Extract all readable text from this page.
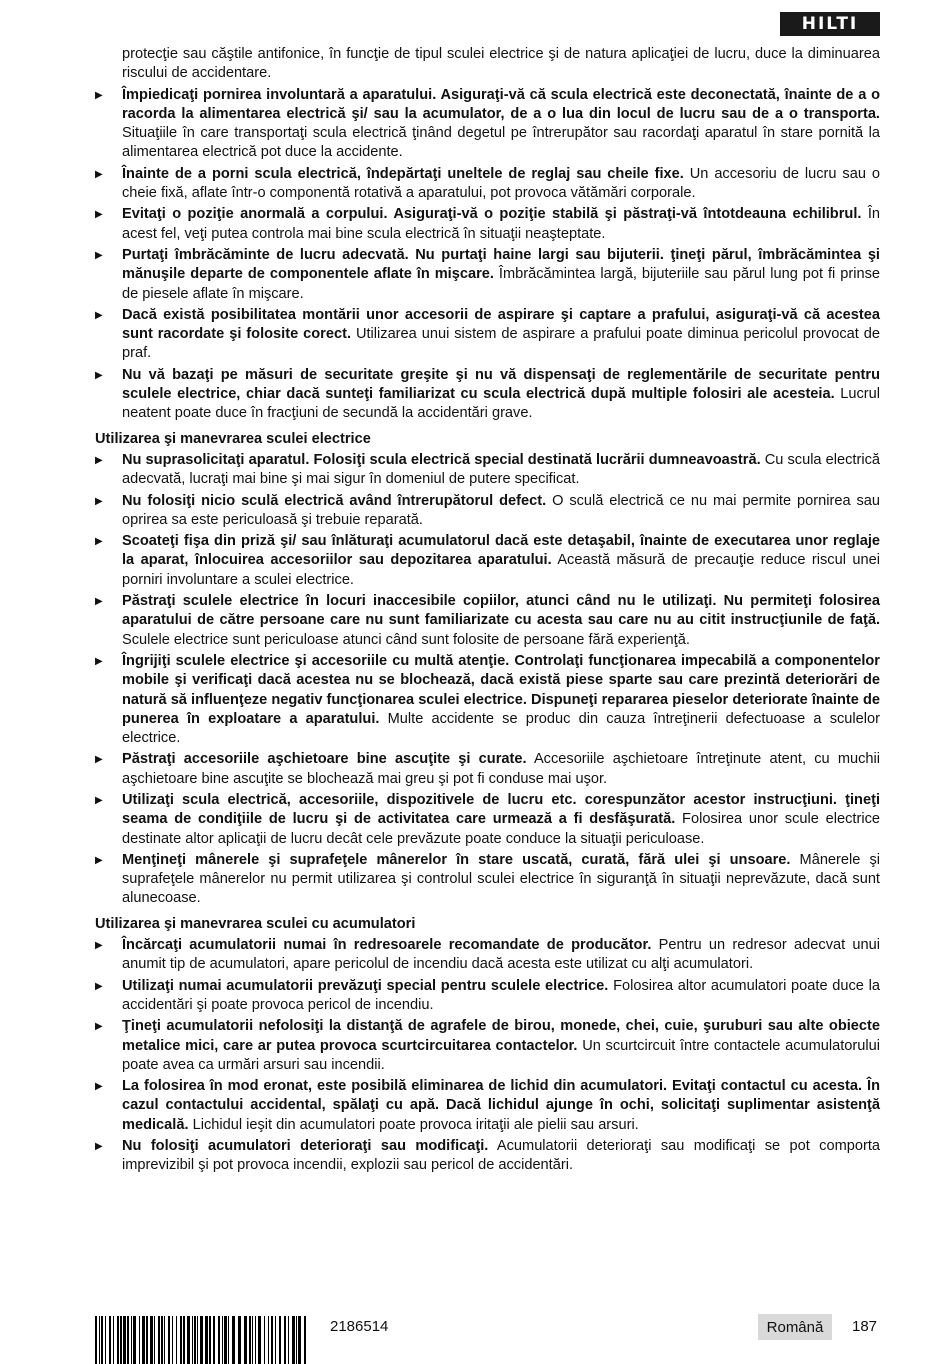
HILTI

protecţie sau căştile antifonice, în funcţie de tipul sculei electrice şi de natura aplicaţiei de lucru, duce la diminuarea riscului de accidentare.

▶ Împiedicaţi pornirea involuntară a aparatului. Asiguraţi-vă că scula electrică este deconectată, înainte de a o racorda la alimentarea electrică şi/ sau la acumulator, de a o lua din locul de lucru sau de a o transporta. Situaţiile în care transportaţi scula electrică ţinând degetul pe întrerupător sau racordaţi aparatul în stare pornită la alimentarea electrică pot duce la accidente.
▶ Înainte de a porni scula electrică, îndepărtaţi uneltele de reglaj sau cheile fixe. Un accesoriu de lucru sau o cheie fixă, aflate într-o componentă rotativă a aparatului, pot provoca vătămări corporale.
▶ Evitaţi o poziţie anormală a corpului. Asiguraţi-vă o poziţie stabilă şi păstraţi-vă întotdeauna echilibrul. În acest fel, veţi putea controla mai bine scula electrică în situaţii neaşteptate.
▶ Purtaţi îmbrăcăminte de lucru adecvată. Nu purtaţi haine largi sau bijuterii. ţineţi părul, îmbrăcămintea şi mănuşile departe de componentele aflate în mişcare. Îmbrăcămintea largă, bijuteriile sau părul lung pot fi prinse de piesele aflate în mişcare.
▶ Dacă există posibilitatea montării unor accesorii de aspirare şi captare a prafului, asiguraţi-vă că acestea sunt racordate şi folosite corect. Utilizarea unui sistem de aspirare a prafului poate diminua pericolul provocat de praf.
▶ Nu vă bazaţi pe măsuri de securitate greşite şi nu vă dispensaţi de reglementările de securitate pentru sculele electrice, chiar dacă sunteţi familiarizat cu scula electrică după multiple folosiri ale acesteia. Lucrul neatent poate duce în fracţiuni de secundă la accidentări grave.
Utilizarea şi manevrarea sculei electrice
▶ Nu suprasolicitaţi aparatul. Folosiţi scula electrică special destinată lucrării dumneavoastră. Cu scula electrică adecvată, lucraţi mai bine şi mai sigur în domeniul de putere specificat.
▶ Nu folosiţi nicio sculă electrică având întrerupătorul defect. O sculă electrică ce nu mai permite pornirea sau oprirea sa este periculoasă şi trebuie reparată.
▶ Scoateţi fişa din priză şi/ sau înlăturaţi acumulatorul dacă este detaşabil, înainte de executarea unor reglaje la aparat, înlocuirea accesoriilor sau depozitarea aparatului. Această măsură de precauţie reduce riscul unei porniri involuntare a sculei electrice.
▶ Păstraţi sculele electrice în locuri inaccesibile copiilor, atunci când nu le utilizaţi. Nu permiteţi folosirea aparatului de către persoane care nu sunt familiarizate cu acesta sau care nu au citit instrucţiunile de faţă. Sculele electrice sunt periculoase atunci când sunt folosite de persoane fără experienţă.
▶ Îngrijiţi sculele electrice şi accesoriile cu multă atenţie. Controlaţi funcţionarea impecabilă a componentelor mobile şi verificaţi dacă acestea nu se blochează, dacă există piese sparte sau care prezintă deteriorări de natură să influenţeze negativ funcţionarea sculei electrice. Dispuneţi repararea pieselor deteriorate înainte de punerea în exploatare a aparatului. Multe accidente se produc din cauza întreţinerii defectuoase a sculelor electrice.
▶ Păstraţi accesoriile aşchietoare bine ascuţite şi curate. Accesoriile aşchietoare întreţinute atent, cu muchii aşchietoare bine ascuţite se blochează mai greu şi pot fi conduse mai uşor.
▶ Utilizaţi scula electrică, accesoriile, dispozitivele de lucru etc. corespunzător acestor instrucţiuni. ţineţi seama de condiţiile de lucru şi de activitatea care urmează a fi desfăşurată. Folosirea unor scule electrice destinate altor aplicaţii de lucru decât cele prevăzute poate conduce la situaţii periculoase.
▶ Menţineţi mânerele şi suprafeţele mânerelor în stare uscată, curată, fără ulei şi unsoare. Mânerele şi suprafeţele mânerelor nu permit utilizarea şi controlul sculei electrice în siguranţă în situaţii neprevăzute, dacă sunt alunecoase.
Utilizarea şi manevrarea sculei cu acumulatori
▶ Încărcaţi acumulatorii numai în redresoarele recomandate de producător. Pentru un redresor adecvat unui anumit tip de acumulatori, apare pericolul de incendiu dacă acesta este utilizat cu alţi acumulatori.
▶ Utilizaţi numai acumulatorii prevăzuţi special pentru sculele electrice. Folosirea altor acumulatori poate duce la accidentări şi poate provoca pericol de incendiu.
▶ Ţineţi acumulatorii nefolosiţi la distanţă de agrafele de birou, monede, chei, cuie, şuruburi sau alte obiecte metalice mici, care ar putea provoca scurtcircuitarea contactelor. Un scurtcircuit între contactele acumulatorului poate avea ca urmări arsuri sau incendii.
▶ La folosirea în mod eronat, este posibilă eliminarea de lichid din acumulatori. Evitaţi contactul cu acesta. În cazul contactului accidental, spălaţi cu apă. Dacă lichidul ajunge în ochi, solicitaţi suplimentar asistenţă medicală. Lichidul ieşit din acumulatori poate provoca iritaţii ale pielii sau arsuri.
▶ Nu folosiţi acumulatori deterioraţi sau modificaţi. Acumulatorii deterioraţi sau modificaţi se pot comporta imprevizibil şi pot provoca incendii, explozii sau pericol de accidentări.
2186514	Română	187
